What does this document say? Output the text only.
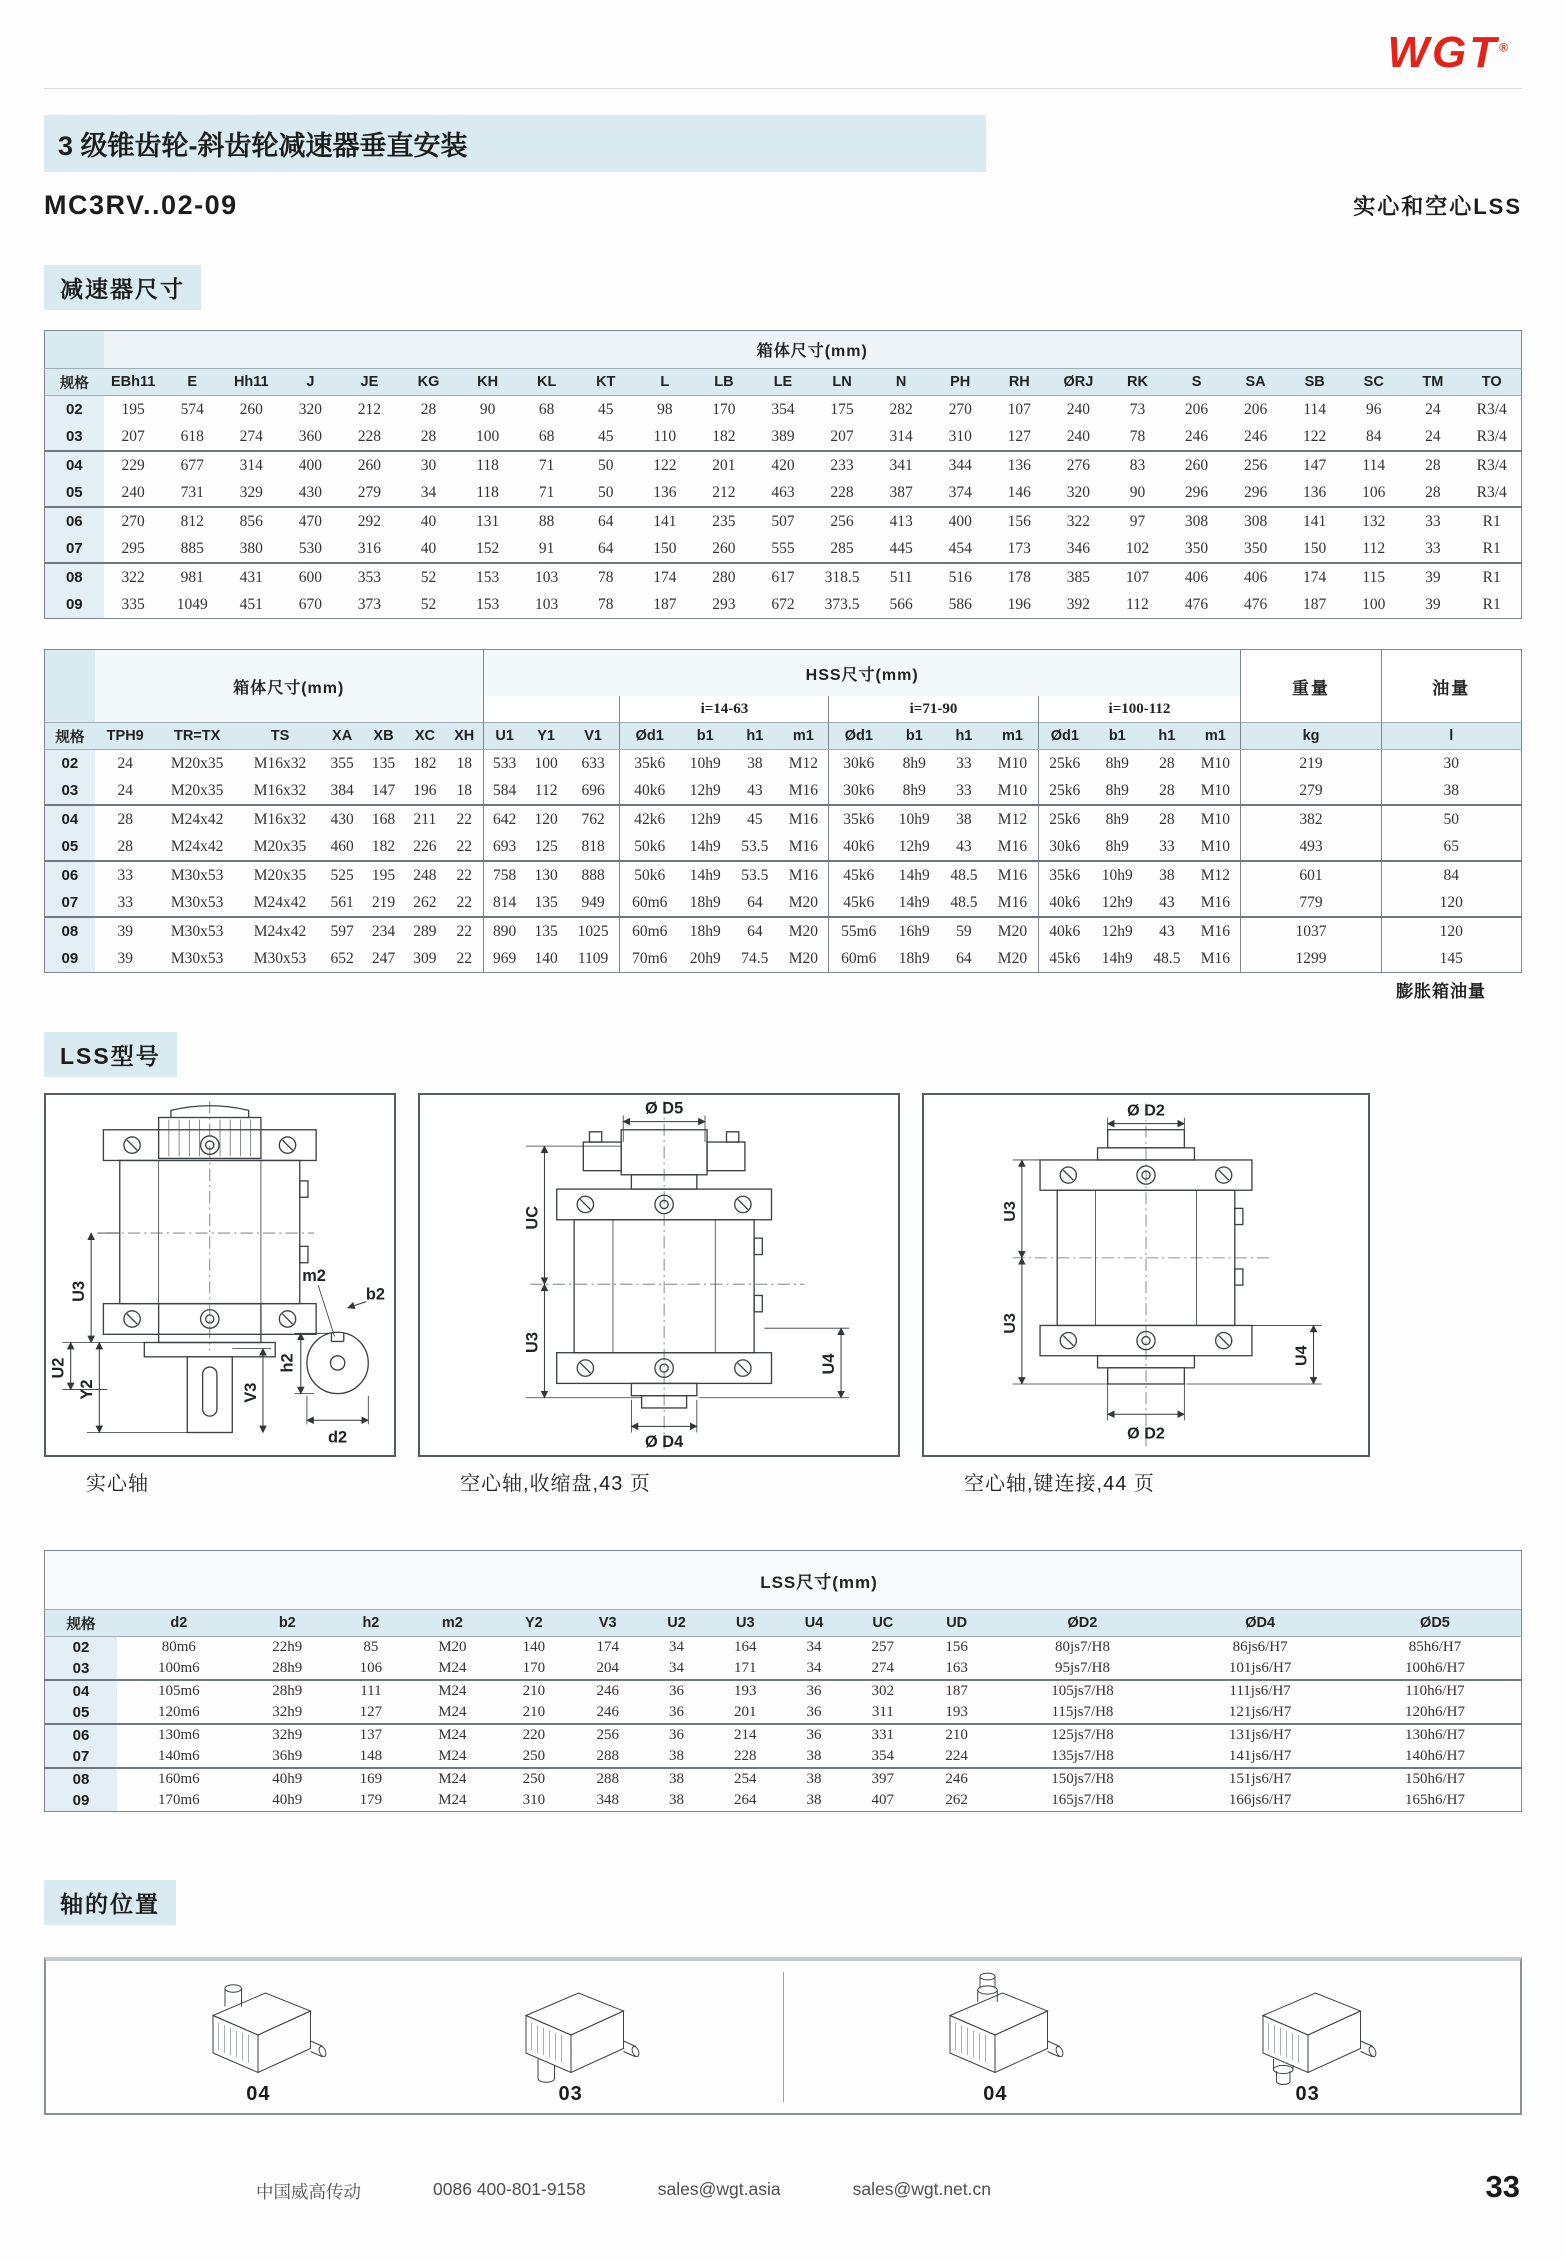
WGT®
3 级锥齿轮-斜齿轮减速器垂直安装
MC3RV..02-09	实心和空心LSS
减速器尺寸
	箱体尺寸(mm)																							
规格	EBh11	E	Hh11	J	JE	KG	KH	KL	KT	L	LB	LE	LN	N	PH	RH	ØRJ	RK	S	SA	SB	SC	TM	TO
02	195	574	260	320	212	28	90	68	45	98	170	354	175	282	270	107	240	73	206	206	114	96	24	R3/4
03	207	618	274	360	228	28	100	68	45	110	182	389	207	314	310	127	240	78	246	246	122	84	24	R3/4
04	229	677	314	400	260	30	118	71	50	122	201	420	233	341	344	136	276	83	260	256	147	114	28	R3/4
05	240	731	329	430	279	34	118	71	50	136	212	463	228	387	374	146	320	90	296	296	136	106	28	R3/4
06	270	812	856	470	292	40	131	88	64	141	235	507	256	413	400	156	322	97	308	308	141	132	33	R1
07	295	885	380	530	316	40	152	91	64	150	260	555	285	445	454	173	346	102	350	350	150	112	33	R1
08	322	981	431	600	353	52	153	103	78	174	280	617	318.5	511	516	178	385	107	406	406	174	115	39	R1
09	335	1049	451	670	373	52	153	103	78	187	293	672	373.5	566	586	196	392	112	476	476	187	100	39	R1
	箱体尺寸(mm)							HSS尺寸(mm)															重量	油量
											i=14-63				i=71-90				i=100-112					
规格	TPH9	TR=TX	TS	XA	XB	XC	XH	U1	Y1	V1	Ød1	b1	h1	m1	Ød1	b1	h1	m1	Ød1	b1	h1	m1	kg	l
02	24	M20x35	M16x32	355	135	182	18	533	100	633	35k6	10h9	38	M12	30k6	8h9	33	M10	25k6	8h9	28	M10	219	30
03	24	M20x35	M16x32	384	147	196	18	584	112	696	40k6	12h9	43	M16	30k6	8h9	33	M10	25k6	8h9	28	M10	279	38
04	28	M24x42	M16x32	430	168	211	22	642	120	762	42k6	12h9	45	M16	35k6	10h9	38	M12	25k6	8h9	28	M10	382	50
05	28	M24x42	M20x35	460	182	226	22	693	125	818	50k6	14h9	53.5	M16	40k6	12h9	43	M16	30k6	8h9	33	M10	493	65
06	33	M30x53	M20x35	525	195	248	22	758	130	888	50k6	14h9	53.5	M16	45k6	14h9	48.5	M16	35k6	10h9	38	M12	601	84
07	33	M30x53	M24x42	561	219	262	22	814	135	949	60m6	18h9	64	M20	45k6	14h9	48.5	M16	40k6	12h9	43	M16	779	120
08	39	M30x53	M24x42	597	234	289	22	890	135	1025	60m6	18h9	64	M20	55m6	16h9	59	M20	40k6	12h9	43	M16	1037	120
09	39	M30x53	M30x53	652	247	309	22	969	140	1109	70m6	20h9	74.5	M20	60m6	18h9	64	M20	45k6	14h9	48.5	M16	1299	145
膨胀箱油量
LSS型号
U3
U2
Y2	V3
m2
b2
h2
d2
实心轴
Ø D5
UC
U3
U4
Ø D4
空心轴,收缩盘,43 页
Ø D2
U3
U3
U4
Ø D2
空心轴,键连接,44 页
	LSS尺寸(mm)													
规格	d2	b2	h2	m2	Y2	V3	U2	U3	U4	UC	UD	ØD2	ØD4	ØD5
02	80m6	22h9	85	M20	140	174	34	164	34	257	156	80js7/H8	86js6/H7	85h6/H7
03	100m6	28h9	106	M24	170	204	34	171	34	274	163	95js7/H8	101js6/H7	100h6/H7
04	105m6	28h9	111	M24	210	246	36	193	36	302	187	105js7/H8	111js6/H7	110h6/H7
05	120m6	32h9	127	M24	210	246	36	201	36	311	193	115js7/H8	121js6/H7	120h6/H7
06	130m6	32h9	137	M24	220	256	36	214	36	331	210	125js7/H8	131js6/H7	130h6/H7
07	140m6	36h9	148	M24	250	288	38	228	38	354	224	135js7/H8	141js6/H7	140h6/H7
08	160m6	40h9	169	M24	250	288	38	254	38	397	246	150js7/H8	151js6/H7	150h6/H7
09	170m6	40h9	179	M24	310	348	38	264	38	407	262	165js7/H8	166js6/H7	165h6/H7
轴的位置
04	03	04	03
中国威高传动	0086 400-801-9158	sales@wgt.asia	sales@wgt.net.cn	33
